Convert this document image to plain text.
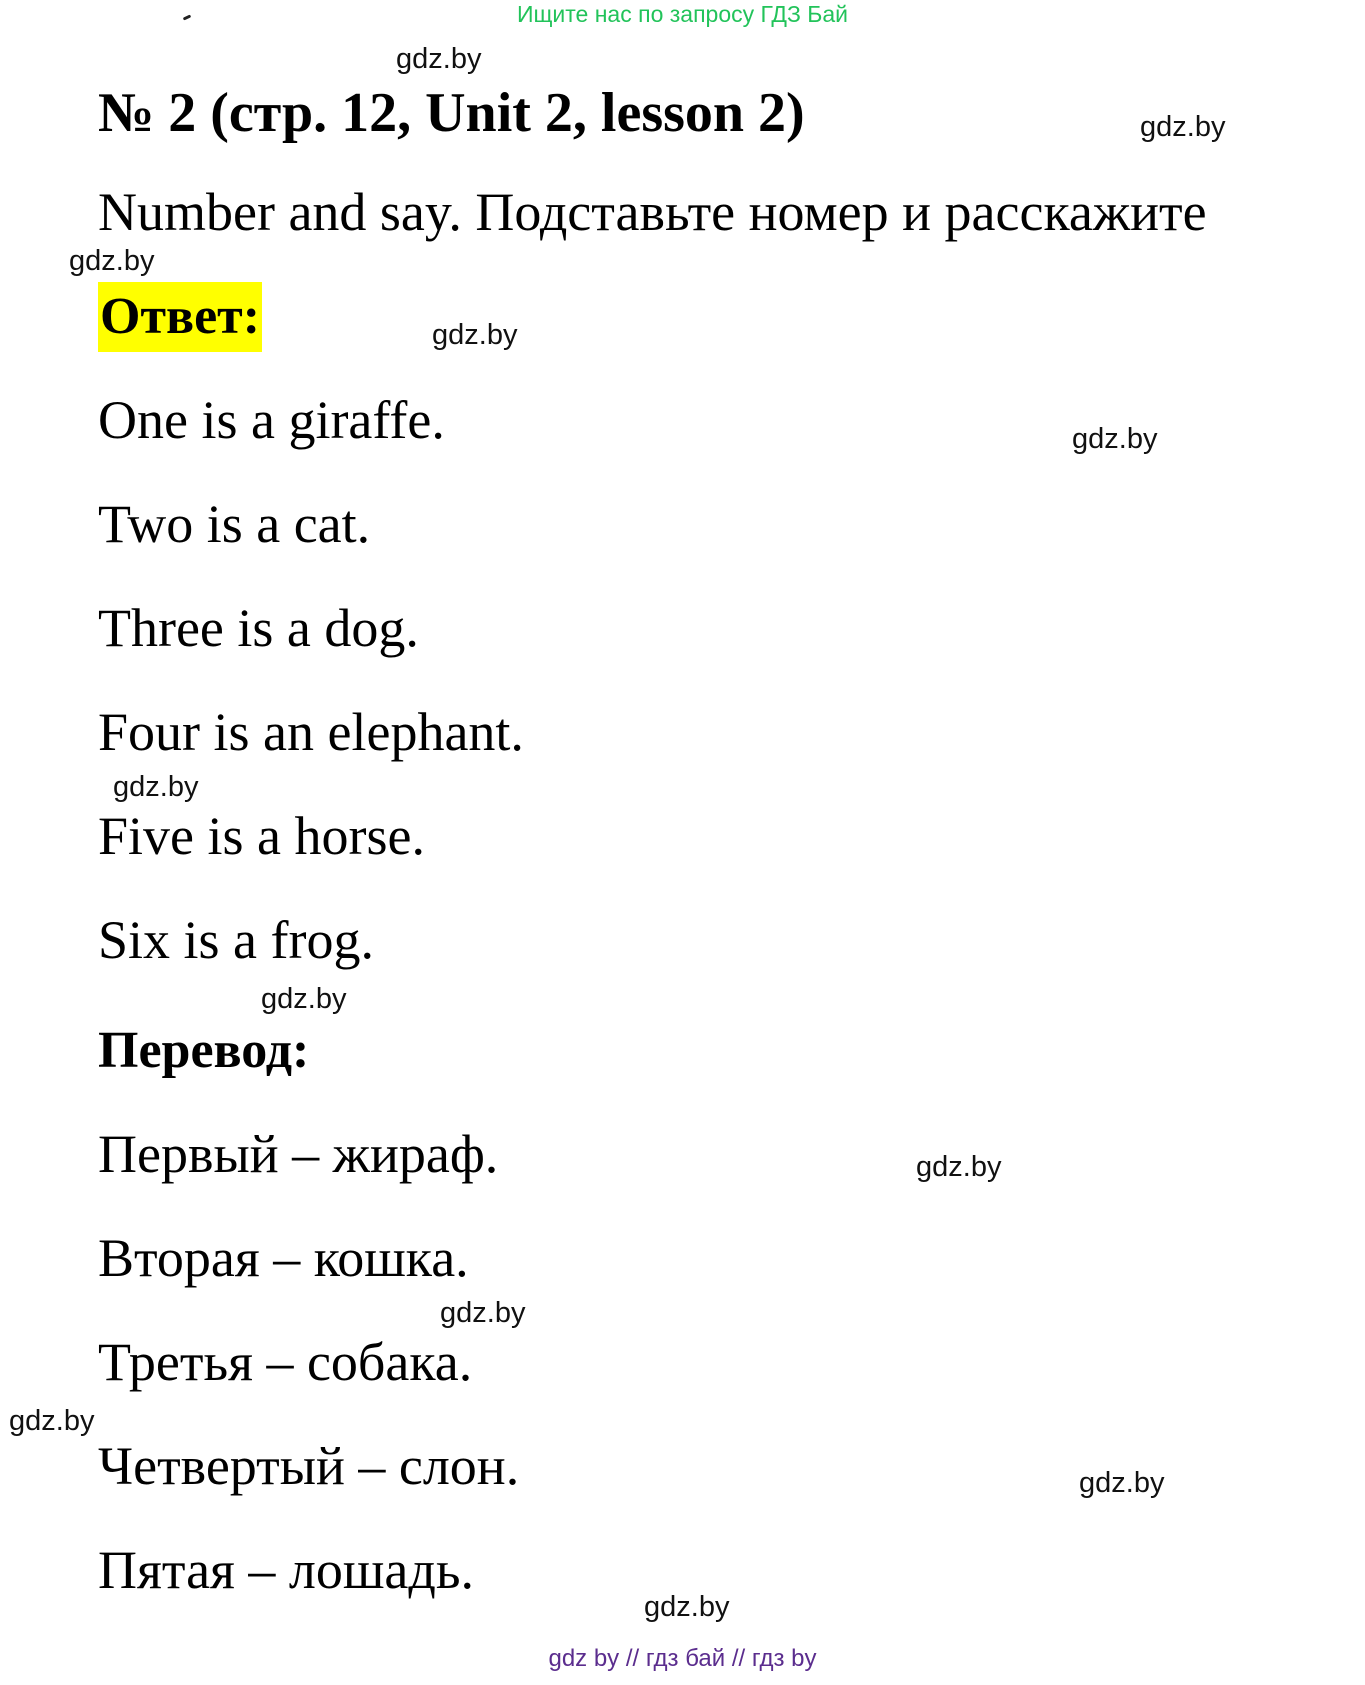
Ищите нас по запросу ГДЗ Бай
№ 2 (стр. 12, Unit 2, lesson 2)
Number and say. Подставьте номер и расскажите
Ответ:
One is a giraffe.
Two is a cat.
Three is a dog.
Four is an elephant.
Five is a horse.
Six is a frog.
Перевод:
Первый – жираф.
Вторая – кошка.
Третья – собака.
Четвертый – слон.
Пятая – лошадь.
gdz.by
gdz.by
gdz.by
gdz.by
gdz.by
gdz.by
gdz.by
gdz.by
gdz.by
gdz.by
gdz.by
gdz.by
gdz by // гдз бай // гдз by
